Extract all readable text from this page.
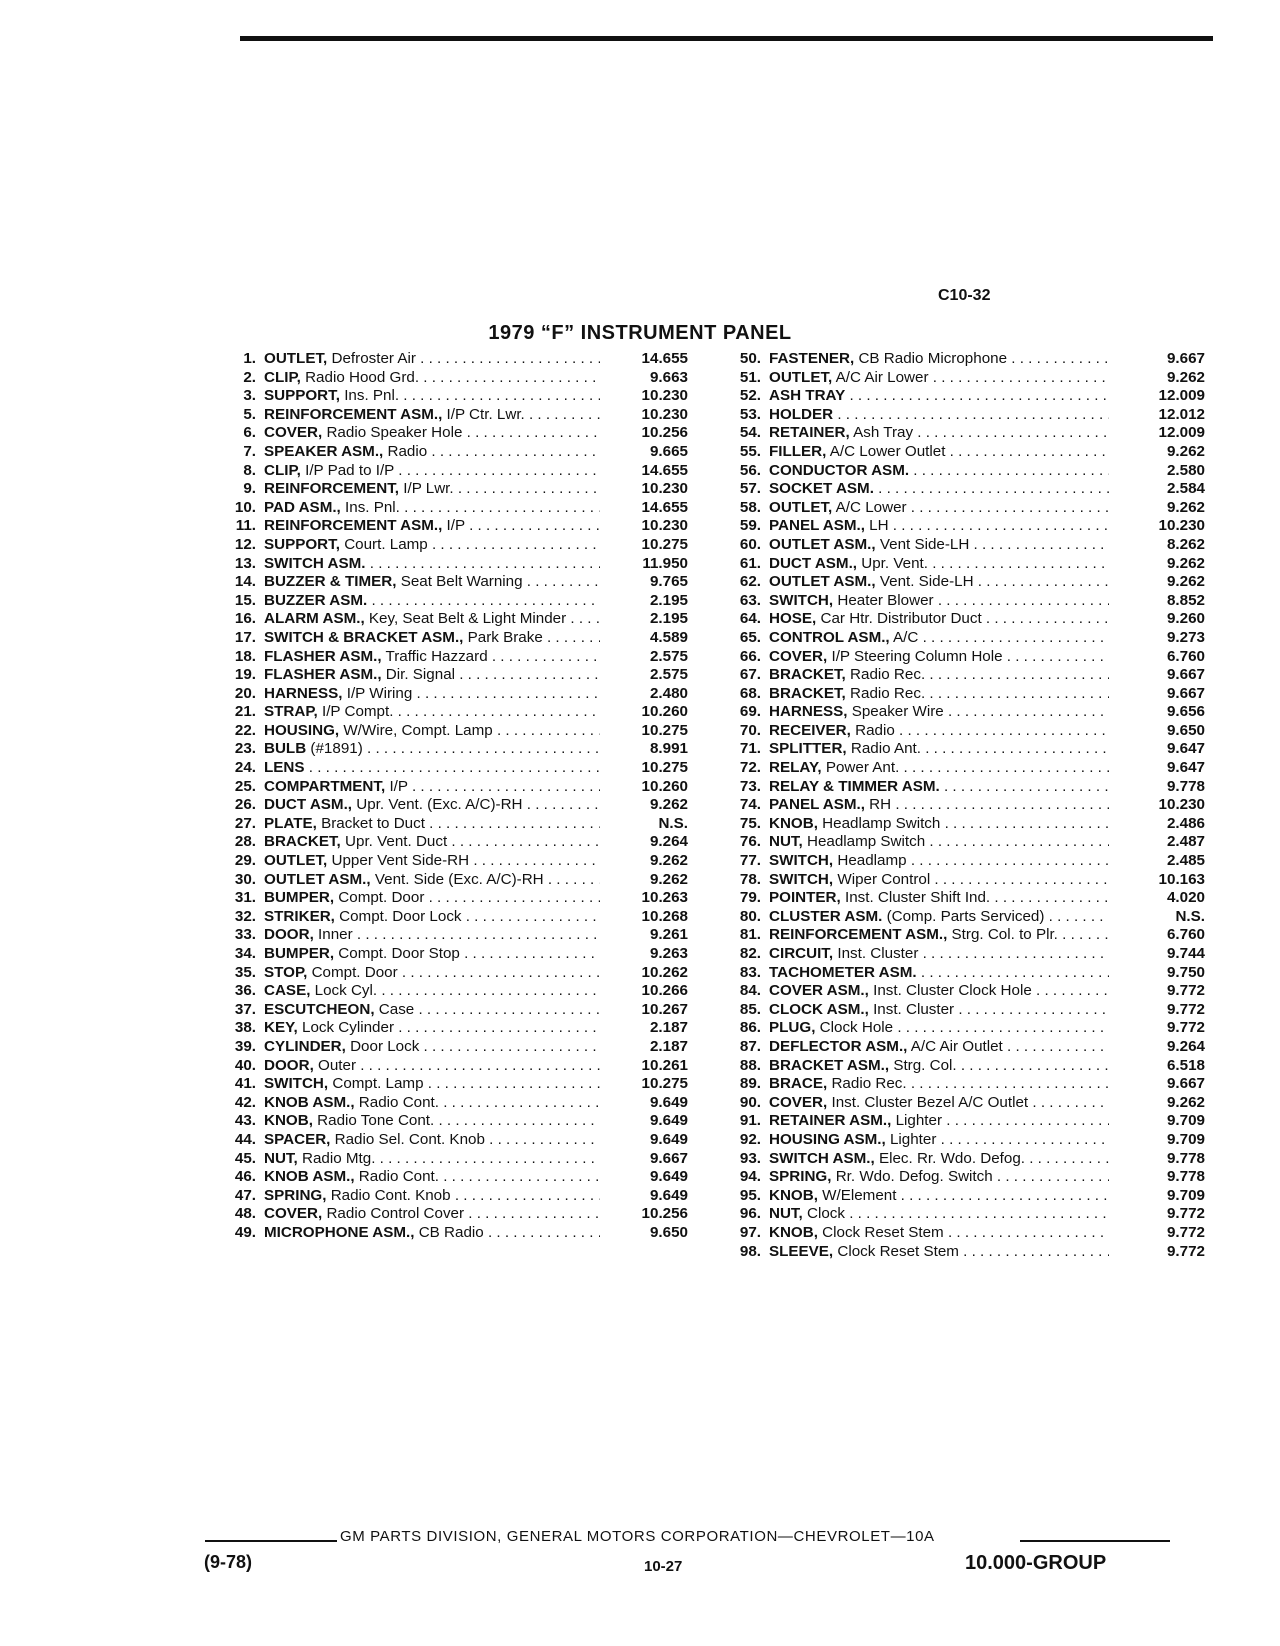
C10-32
1979 “F” INSTRUMENT PANEL
1. OUTLET, Defroster Air . . .	14.655
2. CLIP, Radio Hood Grd. . . .	9.663
3. SUPPORT, Ins. Pnl. . . .	10.230
5. REINFORCEMENT ASM., I/P Ctr. Lwr. . . .	10.230
6. COVER, Radio Speaker Hole . . .	10.256
7. SPEAKER ASM., Radio . . .	9.665
8. CLIP, I/P Pad to I/P . . .	14.655
9. REINFORCEMENT, I/P Lwr. . . .	10.230
10. PAD ASM., Ins. Pnl. . . .	14.655
11. REINFORCEMENT ASM., I/P . . .	10.230
12. SUPPORT, Court. Lamp . . .	10.275
13. SWITCH ASM. . . .	11.950
14. BUZZER & TIMER, Seat Belt Warning . . .	9.765
15. BUZZER ASM. . . .	2.195
16. ALARM ASM., Key, Seat Belt & Light Minder . . .	2.195
17. SWITCH & BRACKET ASM., Park Brake . . .	4.589
18. FLASHER ASM., Traffic Hazzard . . .	2.575
19. FLASHER ASM., Dir. Signal . . .	2.575
20. HARNESS, I/P Wiring . . .	2.480
21. STRAP, I/P Compt. . . .	10.260
22. HOUSING, W/Wire, Compt. Lamp . . .	10.275
23. BULB (#1891) . . .	8.991
24. LENS . . .	10.275
25. COMPARTMENT, I/P . . .	10.260
26. DUCT ASM., Upr. Vent. (Exc. A/C)-RH . . .	9.262
27. PLATE, Bracket to Duct . . .	N.S.
28. BRACKET, Upr. Vent. Duct . . .	9.264
29. OUTLET, Upper Vent Side-RH . . .	9.262
30. OUTLET ASM., Vent. Side (Exc. A/C)-RH . . .	9.262
31. BUMPER, Compt. Door . . .	10.263
32. STRIKER, Compt. Door Lock . . .	10.268
33. DOOR, Inner . . .	9.261
34. BUMPER, Compt. Door Stop . . .	9.263
35. STOP, Compt. Door . . .	10.262
36. CASE, Lock Cyl. . . .	10.266
37. ESCUTCHEON, Case . . .	10.267
38. KEY, Lock Cylinder . . .	2.187
39. CYLINDER, Door Lock . . .	2.187
40. DOOR, Outer . . .	10.261
41. SWITCH, Compt. Lamp . . .	10.275
42. KNOB ASM., Radio Cont. . . .	9.649
43. KNOB, Radio Tone Cont. . . .	9.649
44. SPACER, Radio Sel. Cont. Knob . . .	9.649
45. NUT, Radio Mtg. . . .	9.667
46. KNOB ASM., Radio Cont. . . .	9.649
47. SPRING, Radio Cont. Knob . . .	9.649
48. COVER, Radio Control Cover . . .	10.256
49. MICROPHONE ASM., CB Radio . . .	9.650
50. FASTENER, CB Radio Microphone . . .	9.667
51. OUTLET, A/C Air Lower . . .	9.262
52. ASH TRAY . . .	12.009
53. HOLDER . . .	12.012
54. RETAINER, Ash Tray . . .	12.009
55. FILLER, A/C Lower Outlet . . .	9.262
56. CONDUCTOR ASM. . . .	2.580
57. SOCKET ASM. . . .	2.584
58. OUTLET, A/C Lower . . .	9.262
59. PANEL ASM., LH . . .	10.230
60. OUTLET ASM., Vent Side-LH . . .	8.262
61. DUCT ASM., Upr. Vent. . . .	9.262
62. OUTLET ASM., Vent. Side-LH . . .	9.262
63. SWITCH, Heater Blower . . .	8.852
64. HOSE, Car Htr. Distributor Duct . . .	9.260
65. CONTROL ASM., A/C . . .	9.273
66. COVER, I/P Steering Column Hole . . .	6.760
67. BRACKET, Radio Rec. . . .	9.667
68. BRACKET, Radio Rec. . . .	9.667
69. HARNESS, Speaker Wire . . .	9.656
70. RECEIVER, Radio . . .	9.650
71. SPLITTER, Radio Ant. . . .	9.647
72. RELAY, Power Ant. . . .	9.647
73. RELAY & TIMMER ASM. . . .	9.778
74. PANEL ASM., RH . . .	10.230
75. KNOB, Headlamp Switch . . .	2.486
76. NUT, Headlamp Switch . . .	2.487
77. SWITCH, Headlamp . . .	2.485
78. SWITCH, Wiper Control . . .	10.163
79. POINTER, Inst. Cluster Shift Ind. . . .	4.020
80. CLUSTER ASM. (Comp. Parts Serviced) . . .	N.S.
81. REINFORCEMENT ASM., Strg. Col. to Plr. . . .	6.760
82. CIRCUIT, Inst. Cluster . . .	9.744
83. TACHOMETER ASM. . . .	9.750
84. COVER ASM., Inst. Cluster Clock Hole . . .	9.772
85. CLOCK ASM., Inst. Cluster . . .	9.772
86. PLUG, Clock Hole . . .	9.772
87. DEFLECTOR ASM., A/C Air Outlet . . .	9.264
88. BRACKET ASM., Strg. Col. . . .	6.518
89. BRACE, Radio Rec. . . .	9.667
90. COVER, Inst. Cluster Bezel A/C Outlet . . .	9.262
91. RETAINER ASM., Lighter . . .	9.709
92. HOUSING ASM., Lighter . . .	9.709
93. SWITCH ASM., Elec. Rr. Wdo. Defog. . . .	9.778
94. SPRING, Rr. Wdo. Defog. Switch . . .	9.778
95. KNOB, W/Element . . .	9.709
96. NUT, Clock . . .	9.772
97. KNOB, Clock Reset Stem . . .	9.772
98. SLEEVE, Clock Reset Stem . . .	9.772
GM PARTS DIVISION, GENERAL MOTORS CORPORATION—CHEVROLET—10A
(9-78)	10-27	10.000-GROUP
